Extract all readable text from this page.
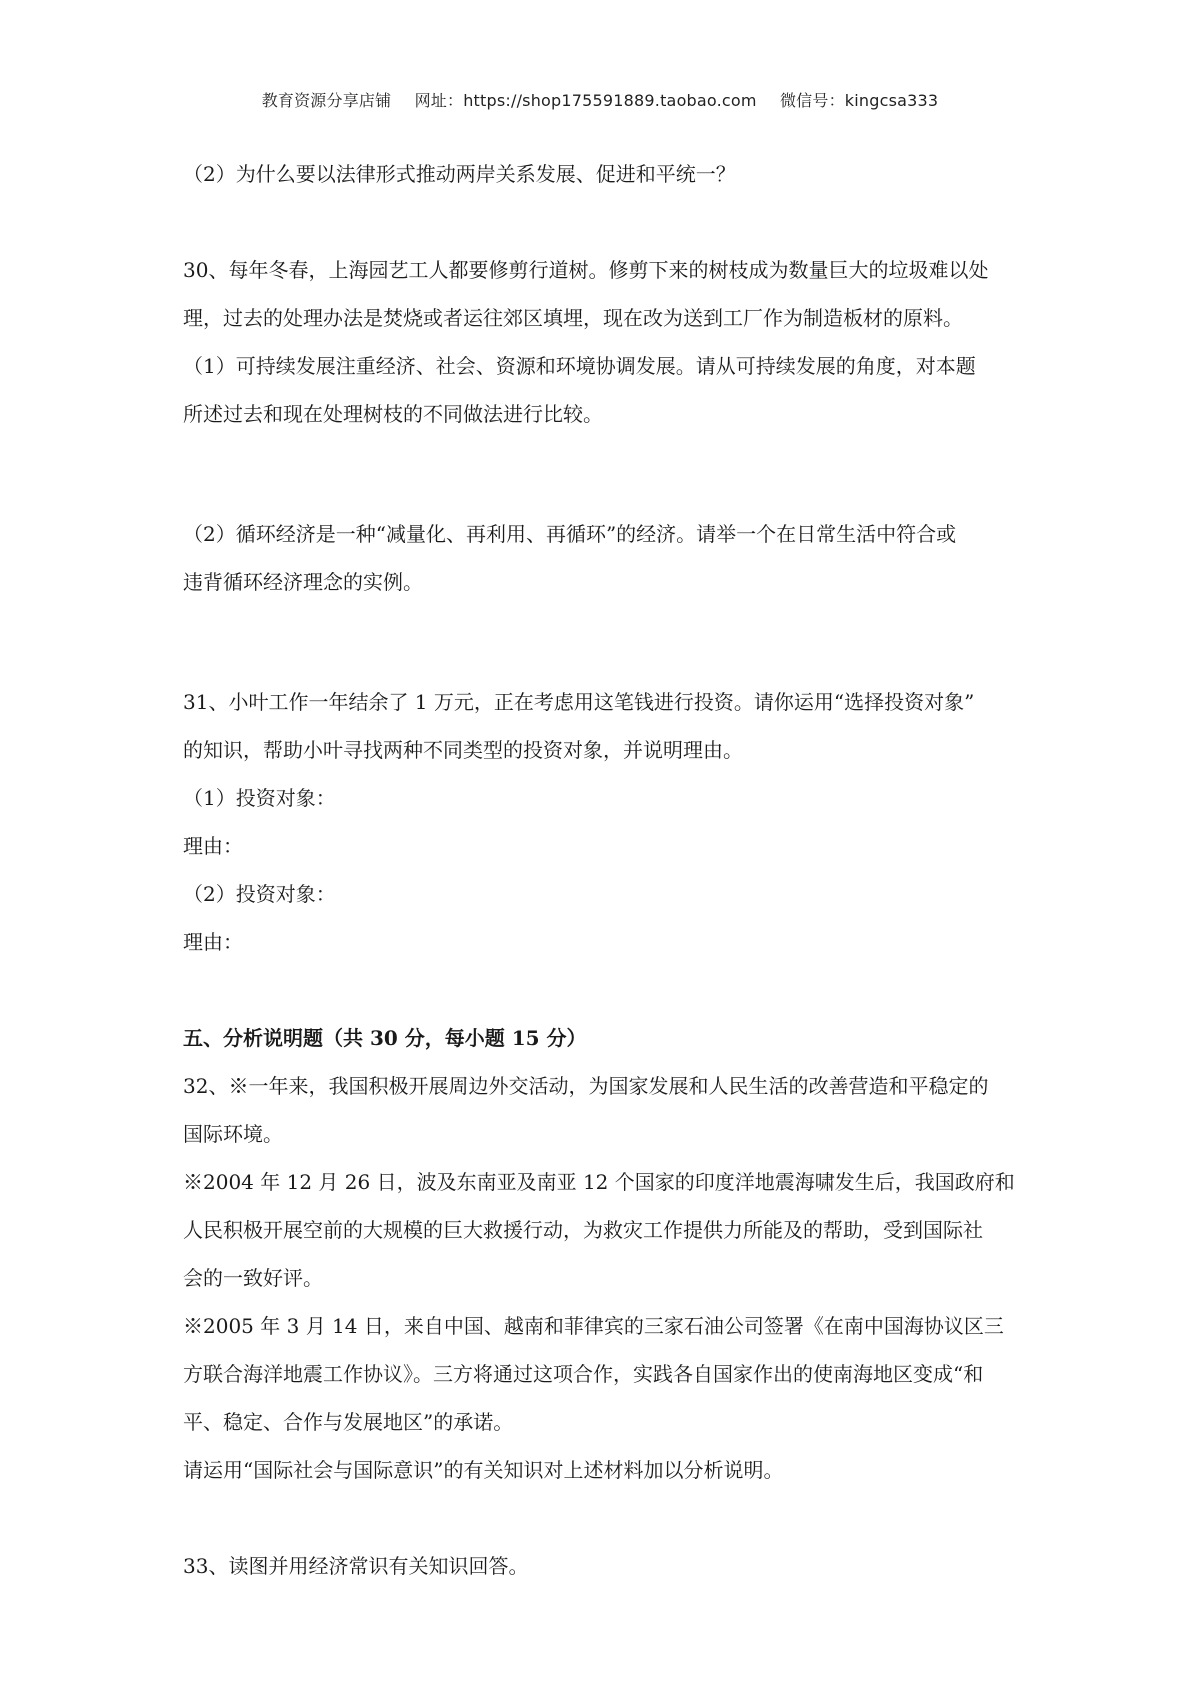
教育资源分享店铺 网址：https://shop175591889.taobao.com 微信号：kingcsa333
（2）为什么要以法律形式推动两岸关系发展、促进和平统一？
30、每年冬春，上海园艺工人都要修剪行道树。修剪下来的树枝成为数量巨大的垃圾难以处
理，过去的处理办法是焚烧或者运往郊区填埋，现在改为送到工厂作为制造板材的原料。
（1）可持续发展注重经济、社会、资源和环境协调发展。请从可持续发展的角度，对本题
所述过去和现在处理树枝的不同做法进行比较。
（2）循环经济是一种“减量化、再利用、再循环”的经济。请举一个在日常生活中符合或
违背循环经济理念的实例。
31、小叶工作一年结余了 1 万元，正在考虑用这笔钱进行投资。请你运用“选择投资对象”
的知识，帮助小叶寻找两种不同类型的投资对象，并说明理由。
（1）投资对象：
理由：
（2）投资对象：
理由：
五、分析说明题（共 30 分，每小题 15 分）
32、※一年来，我国积极开展周边外交活动，为国家发展和人民生活的改善营造和平稳定的
国际环境。
※2004 年 12 月 26 日，波及东南亚及南亚 12 个国家的印度洋地震海啸发生后，我国政府和
人民积极开展空前的大规模的巨大救援行动，为救灾工作提供力所能及的帮助，受到国际社
会的一致好评。
※2005 年 3 月 14 日，来自中国、越南和菲律宾的三家石油公司签署《在南中国海协议区三
方联合海洋地震工作协议》。三方将通过这项合作，实践各自国家作出的使南海地区变成“和
平、稳定、合作与发展地区”的承诺。
请运用“国际社会与国际意识”的有关知识对上述材料加以分析说明。
33、读图并用经济常识有关知识回答。
